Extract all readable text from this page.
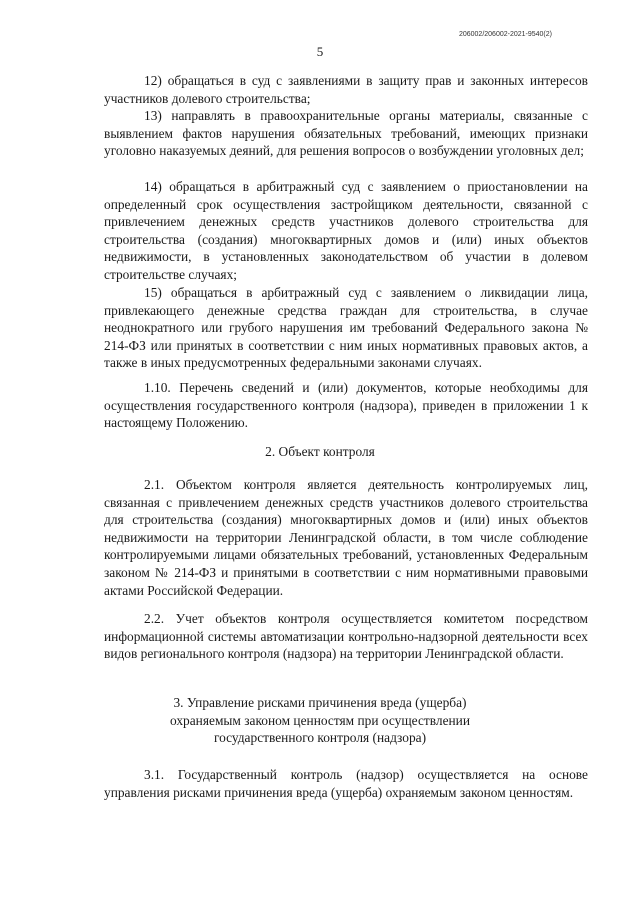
206002/206002-2021-9540(2)
5

12) обращаться в суд с заявлениями в защиту прав и законных интересов участников долевого строительства;

13) направлять в правоохранительные органы материалы, связанные с выявлением фактов нарушения обязательных требований, имеющих признаки уголовно наказуемых деяний, для решения вопросов о возбуждении уголовных дел;

14) обращаться в арбитражный суд с заявлением о приостановлении на определенный срок осуществления застройщиком деятельности, связанной с привлечением денежных средств участников долевого строительства для строительства (создания) многоквартирных домов и (или) иных объектов недвижимости, в установленных законодательством об участии в долевом строительстве случаях;

15) обращаться в арбитражный суд с заявлением о ликвидации лица, привлекающего денежные средства граждан для строительства, в случае неоднократного или грубого нарушения им требований Федерального закона № 214-ФЗ или принятых в соответствии с ним иных нормативных правовых актов, а также в иных предусмотренных федеральными законами случаях.

1.10. Перечень сведений и (или) документов, которые необходимы для осуществления государственного контроля (надзора), приведен в приложении 1 к настоящему Положению.

2. Объект контроля

2.1. Объектом контроля является деятельность контролируемых лиц, связанная с привлечением денежных средств участников долевого строительства для строительства (создания) многоквартирных домов и (или) иных объектов недвижимости на территории Ленинградской области, в том числе соблюдение контролируемыми лицами обязательных требований, установленных Федеральным законом № 214-ФЗ и принятыми в соответствии с ним нормативными правовыми актами Российской Федерации.

2.2. Учет объектов контроля осуществляется комитетом посредством информационной системы автоматизации контрольно-надзорной деятельности всех видов регионального контроля (надзора) на территории Ленинградской области.

3. Управление рисками причинения вреда (ущерба)
охраняемым законом ценностям при осуществлении
государственного контроля (надзора)

3.1. Государственный контроль (надзор) осуществляется на основе управления рисками причинения вреда (ущерба) охраняемым законом ценностям.
